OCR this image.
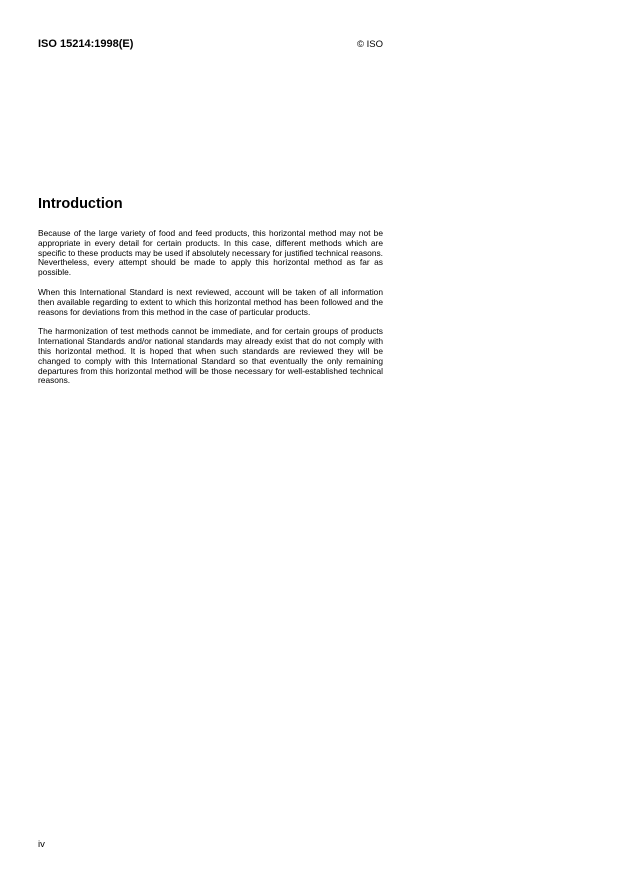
ISO 15214:1998(E)	© ISO
Introduction

Because of the large variety of food and feed products, this horizontal method may not be appropriate in every detail for certain products. In this case, different methods which are specific to these products may be used if absolutely necessary for justified technical reasons. Nevertheless, every attempt should be made to apply this horizontal method as far as possible.

When this International Standard is next reviewed, account will be taken of all information then available regarding to extent to which this horizontal method has been followed and the reasons for deviations from this method in the case of particular products.

The harmonization of test methods cannot be immediate, and for certain groups of products International Standards and/or national standards may already exist that do not comply with this horizontal method. It is hoped that when such standards are reviewed they will be changed to comply with this International Standard so that eventually the only remaining departures from this horizontal method will be those necessary for well-established technical reasons.

iv
